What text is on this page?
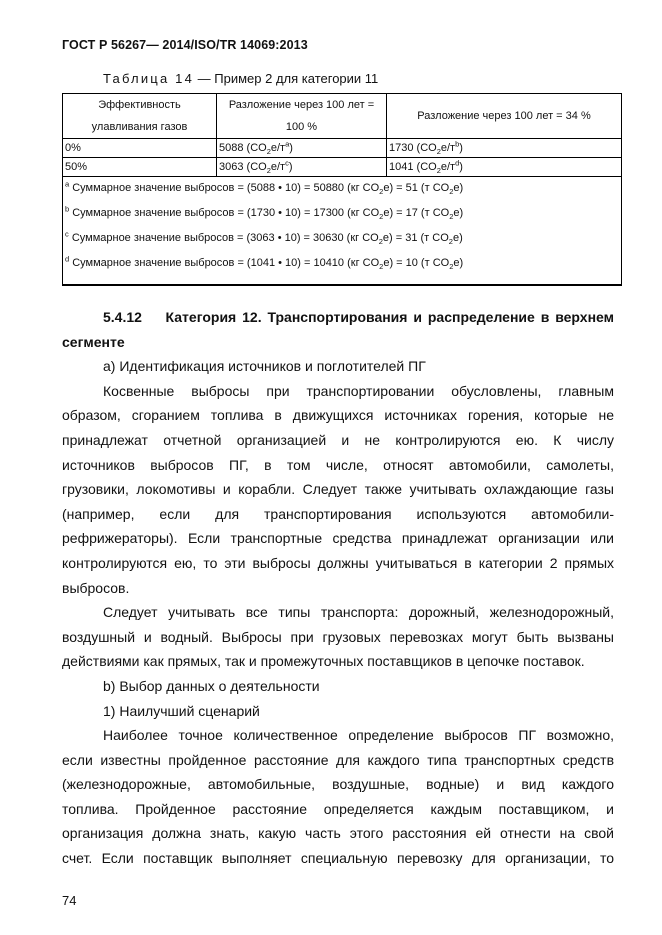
ГОСТ Р 56267— 2014/ISO/TR 14069:2013
Таблица 14 — Пример 2 для категории 11
Эффективность улавливания газов	Разложение через 100 лет = 100 %	Разложение через 100 лет = 34 %
0%	5088 $(CO_2е/т^a)$	1730 $(CO_2е/т^b)$
50%	3063 $(CO_2е/т^c)$	1041 $(CO_2е/т^d)$

$^a$ Суммарное значение выбросов = (5088 • 10) = 50880 (кг $CO_2e) = 51$ (т $CO_2е$)
$^b$ Суммарное значение выбросов = (1730 • 10) = 17300 (кг $CO_2e) = 17$ (т $CO_2е$)
$^c$ Суммарное значение выбросов = (3063 • 10) = 30630 (кг $CO_2e) = 31$ (т $CO_2е$)
$^d$ Суммарное значение выбросов = (1041 • 10) = 10410 (кг $CO_2e) = 10$ (т $CO_2е$)		
5.4.12 Категория 12. Транспортирования и распределение в верхнем
сегменте
a) Идентификация источников и поглотителей ПГ
Косвенные выбросы при транспортировании обусловлены, главным
образом, сгоранием топлива в движущихся источниках горения, которые не
принадлежат отчетной организацией и не контролируются ею. К числу
источников выбросов ПГ, в том числе, относят автомобили, самолеты,
грузовики, локомотивы и корабли. Следует также учитывать охлаждающие газы
(например, если для транспортирования используются автомобили-
рефрижераторы). Если транспортные средства принадлежат организации или
контролируются ею, то эти выбросы должны учитываться в категории 2 прямых
выбросов.
Следует учитывать все типы транспорта: дорожный, железнодорожный,
воздушный и водный. Выбросы при грузовых перевозках могут быть вызваны
действиями как прямых, так и промежуточных поставщиков в цепочке поставок.
b) Выбор данных о деятельности
1) Наилучший сценарий
Наиболее точное количественное определение выбросов ПГ возможно,
если известны пройденное расстояние для каждого типа транспортных средств
(железнодорожные, автомобильные, воздушные, водные) и вид каждого
топлива. Пройденное расстояние определяется каждым поставщиком, и
организация должна знать, какую часть этого расстояния ей отнести на свой
счет. Если поставщик выполняет специальную перевозку для организации, то
74
